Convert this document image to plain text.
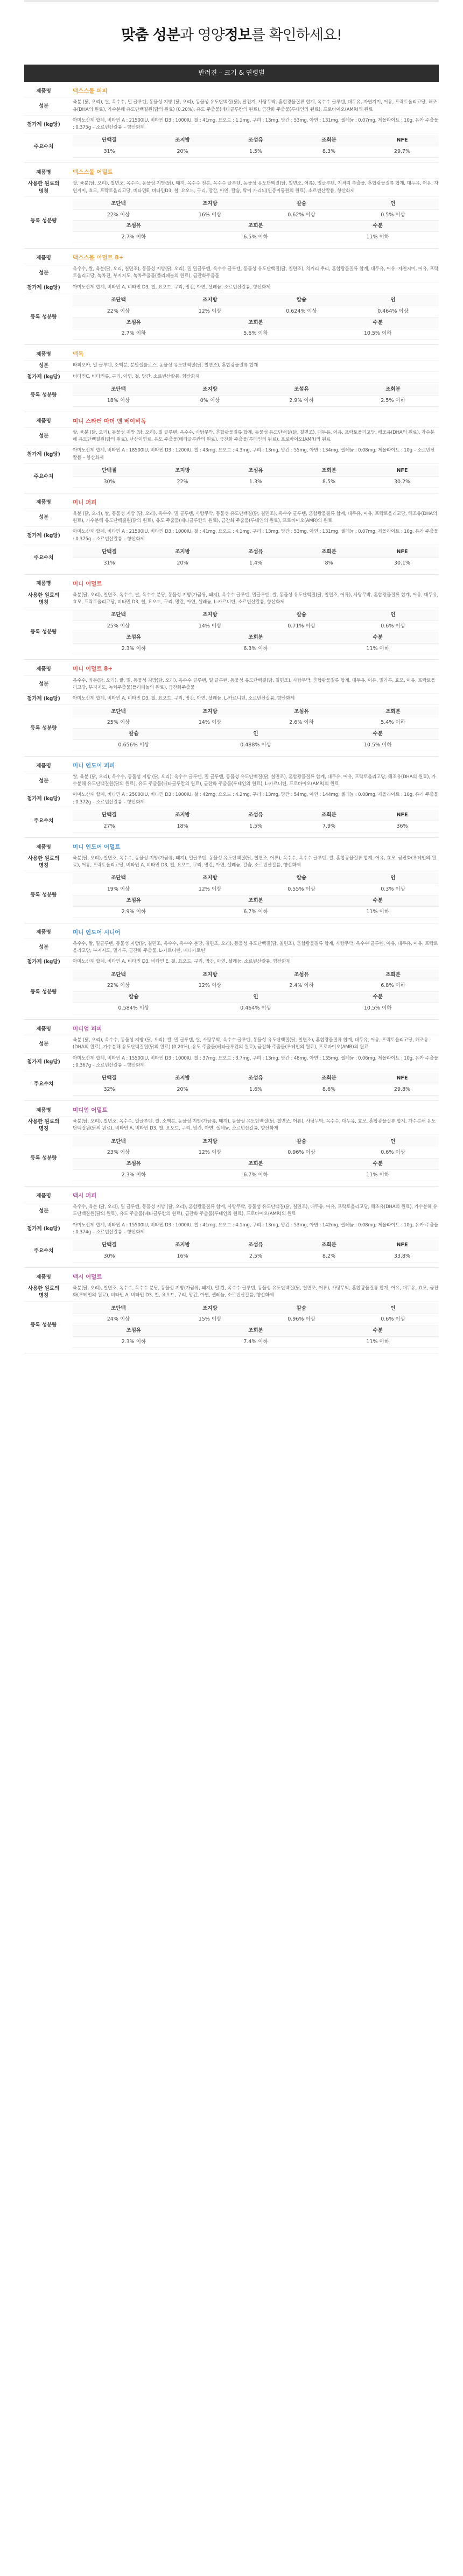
맞춤 성분 과 영양 정보 를 확인하세요!
반려견 – 크기 & 연령별
제품명	맥스스몰 퍼피

성분	
육분 (닭, 오리), 쌀, 옥수수, 밀 글루텐, 동물성 지방 (닭, 오리), 동물성 유도단백질(닭), 탈전지, 사탕무박, 혼합광물질류 합계, 옥수수 글루텐, 대두유, 자연지미, 어유, 프락토올리고당, 해조유(DHA의 원료), 가수분해 유도단백질원(닭의 원료) (0.20%), 유도 주출물(베타글루칸의 원료), 금잔화 주출물(루테인의 원료), 프로바이오(AMR)의 원료

첨가제 (kg당)	
아미노산제 합계, 비타민 A : 21500IU, 비타민 D3 : 1000IU, 철 : 41mg, 요오드 : 1.1mg, 구리 : 13mg, 망간 : 53mg, 아연 : 131mg, 셀레늄 : 0.07mg, 제올라이트 : 10g, 유카 주출물 : 0.375g – 소르빈산칼륨 – 향산화제

주요수치	
단백질	조지방	조섬유	조회분	NFE
31%	20%	1.5%	8.3%	29.7%
제품명	맥스스몰 어덜트

사용한 원료의 명칭	
쌀, 육분(닭, 오리), 칠면조, 옥수수, 동물성 지방(닭), 돼지, 옥수수 전분, 옥수수 글루텐, 동물성 유도단백질(닭, 칠면조, 어류), 밀글루텐, 지적지 추출물, 혼합광물질류 합계, 대두유, 어유, 자연지미, 효모, 프락토올리고당, 비타민E, 비타민D3, 철, 요오드, 구리, 망간, 아연, 칼슘, 탁이 가리되(인증이통원의 원료), 소르빈산칼륨, 향산화제

등록 성분량	
조단백	조지방	칼슘	인
22% 이상	16% 이상	0.62% 이상	0.5% 이상
조섬유	조회분	수분
2.7% 이하	6.5% 이하	11% 이하
제품명	맥스스몰 어덜트 8+

성분	
옥수수, 쌀, 육분(닭, 오리, 칠면조), 동물성 지방(닭, 오리), 밀 밀글루텐, 옥수수 글루텐, 동물성 유도단백질(닭, 칠면조), 치커리 뿌리, 혼합광물질류 합계, 대두유, 어유, 자연지미, 어유, 프락토올리고당, 녹차진, 부지지도, 녹차주출물(폴리페놀의 원료), 금잔화주출물

첨가제 (kg당)	아미노산제 합계, 비타민 A, 비타민 D3, 철, 요오드, 구리, 망간, 아연, 셀레늄, 소르빈산칼륨, 향산화제

등록 성분량	
조단백	조지방	칼슘	인
22% 이상	12% 이상	0.624% 이상	0.464% 이상
조섬유	조회분	수분
2.7% 이하	5.6% 이하	10.5% 이하
제품명	맥독

성분	타피오카, 밀 글루텐, 소맥분, 분말셀룰로스, 동물성 유도단백질(닭, 칠면조), 혼합광물질류 합계

첨가제 (kg당)	비타민C, 비타민류, 구리, 아연, 철, 망간, 소르빈산칼륨, 향산화제

등록 성분량	
조단백	조지방	조섬유	조회분
18% 이상	0% 이상	2.9% 이하	2.5% 이하
제품명	미니 스타터 마더 앤 베이비독

성분	
쌀, 육분 (닭, 오리), 동물성 지방 (닭, 오리), 밀 글루텐, 옥수수, 사탕무박, 혼합광물질류 합계, 동물성 유도단백질(닭, 칠면조), 대두유, 어유, 프락토올리고당, 해조유(DHA의 원료), 가수분해 유도단백질원(닭의 원료), 난산이연료, 유도 주출물(베타글루칸의 원료), 금잔화 주출물(루테인의 원료), 프로바이오(AMR)의 원료

첨가제 (kg당)	
아미노산제 합계, 비타민 A : 18500IU, 비타민 D3 : 1200IU, 철 : 43mg, 요오드 : 4.3mg, 구리 : 13mg, 망간 : 55mg, 아연 : 134mg, 셀레늄 : 0.08mg, 제올라이트 : 10g – 소르빈산칼륨 – 향산화제

주요수치	
단백질	조지방	조섬유	조회분	NFE
30%	22%	1.3%	8.5%	30.2%
제품명	미니 퍼피

성분	
육분 (닭, 오리), 쌀, 동물성 지방 (닭, 오리), 옥수수, 밀 글루텐, 사탕무박, 동물성 유도단백질(닭, 칠면조), 옥수수 글루텐, 혼합광물질류 합계, 대두유, 어유, 프락토올리고당, 해조유(DHA의 원료), 가수분해 유도단백질원(닭의 원료), 유도 주출물(베타글루칸의 원료), 금잔화 주출물(루테인의 원료), 프로바이오(AMR)의 원료

첨가제 (kg당)	
아미노산제 합계, 비타민 A : 21500IU, 비타민 D3 : 1000IU, 철 : 41mg, 요오드 : 4.1mg, 구리 : 13mg, 망간 : 53mg, 아연 : 131mg, 셀레늄 : 0.07mg, 제올라이트 : 10g, 유카 주출물 : 0.375g – 소르빈산칼륨 – 향산화제

주요수치	
단백질	조지방	조섬유	조회분	NFE
31%	20%	1.4%	8%	30.1%
제품명	미니 어덜트

사용한 원료의 명칭	
육분(닭, 오리), 칠면조, 옥수수, 쌀, 옥수수 분당, 동물성 지방(가금류, 돼지), 옥수수 글루텐, 밀글루텐, 쌀, 동물성 유도단백질(닭, 칠면조, 어류), 사탕무박, 혼합광물질류 합계, 어유, 대두유, 효모, 프락토올리고당, 비타민 D3, 철, 요오드, 구리, 망간, 아연, 셀레늄, L-카르니틴, 소르빈산칼륨, 향산화제

등록 성분량	
조단백	조지방	칼슘	인
25% 이상	14% 이상	0.71% 이상	0.6% 이상
조섬유	조회분	수분
2.3% 이하	6.3% 이하	11% 이하
제품명	미니 어덜트 8+

성분	
옥수수, 육분(닭, 오리), 쌀, 밀, 동물성 지방(닭, 오리), 옥수수 글루텐, 밀 글루텐, 동물성 유도단백질(닭, 칠면조), 사탕무박, 혼합광물질류 합계, 대두유, 어유, 밀가루, 효모, 어유, 프락토올리고당, 부지지도, 녹차주출물(폴리페놀의 원료), 금잔화주출물

첨가제 (kg당)	아미노산제 합계, 비타민 A, 비타민 D3, 철, 요오드, 구리, 망간, 아연, 셀레늄, L-카르니틴, 소르빈산칼륨, 향산화제

등록 성분량	
조단백	조지방	조섬유	조회분
25% 이상	14% 이상	2.6% 이하	5.4% 이하
칼슘	인	수분
0.656% 이상	0.488% 이상	10.5% 이하
제품명	미니 인도어 퍼피

성분	
쌀, 육분 (닭, 오리), 옥수수, 동물성 지방 (닭, 오리), 옥수수 글루텐, 밀 글루텐, 동물성 유도단백질(닭, 칠면조), 혼합광물질류 합계, 대두유, 어유, 프락토올리고당, 해조유(DHA의 원료), 가수분해 유도단백질원(닭의 원료), 유도 주출물(베타글루칸의 원료), 금잔화 주출물(루테인의 원료), L-카르니틴, 프로바이오(AMR)의 원료

첨가제 (kg당)	
아미노산제 합계, 비타민 A : 25000IU, 비타민 D3 : 1000IU, 철 : 42mg, 요오드 : 4.2mg, 구리 : 13mg, 망간 : 54mg, 아연 : 144mg, 셀레늄 : 0.08mg, 제올라이트 : 10g, 유카 주출물 : 0.372g – 소르빈산칼륨 – 향산화제

주요수치	
단백질	조지방	조섬유	조회분	NFE
27%	18%	1.5%	7.9%	36%
제품명	미니 인도어 어덜트

사용한 원료의 명칭	
육분(닭, 오리), 칠면조, 옥수수, 동물성 지방(가금류, 돼지), 밀글루텐, 동물성 유도단백질(닭, 칠면조, 어류), 옥수수, 옥수수 글루텐, 쌀, 혼합광물질류 합계, 어유, 효모, 금잔화(루테인의 원료), 어유, 프락토올리고당, 비타민 A, 비타민 D3, 철, 요오드, 구리, 망간, 아연, 셀레늄, 칼슘, 소르빈산칼륨, 향산화제

등록 성분량	
조단백	조지방	칼슘	인
19% 이상	12% 이상	0.55% 이상	0.3% 이상
조섬유	조회분	수분
2.9% 이하	6.7% 이하	11% 이하
제품명	미니 인도어 시니어

성분	
옥수수, 쌀, 밀글루텐, 동물성 지방(닭, 칠면조, 옥수수, 옥수수 분당, 칠면조, 오리), 동물성 유도단백질(닭, 칠면조), 혼합광물질류 합계, 사탕무박, 옥수수 글루텐, 어유, 대두유, 어유, 프락토올리고당, 부지지도, 밀가루, 금잔화 주출물, L-카르니틴, 베타카로틴

첨가제 (kg당)	아미노산제 합계, 비타민 A, 비타민 D3, 비타민 E, 철, 요오드, 구리, 망간, 아연, 셀레늄, 소르빈산칼륨, 향산화제

등록 성분량	
조단백	조지방	조섬유	조회분
22% 이상	12% 이상	2.4% 이하	6.8% 이하
칼슘	인	수분
0.584% 이상	0.464% 이상	10.5% 이하
제품명	미디엄 퍼피

성분	
육분 (닭, 오리), 옥수수, 동물성 지방 (닭, 오리), 쌀, 밀 글루텐, 쌀, 사탕무박, 옥수수 글루텐, 동물성 유도단백질(닭, 칠면조), 혼합광물질류 합계, 대두유, 어유, 프락토올리고당, 해조유(DHA의 원료), 가수분해 유도단백질원(닭의 원료) (0.20%), 유도 주출물(베타글루칸의 원료), 금잔화 주출물(루테인의 원료), 프로바이오(AMR)의 원료

첨가제 (kg당)	
아미노산제 합계, 비타민 A : 15500IU, 비타민 D3 : 1000IU, 철 : 37mg, 요오드 : 3.7mg, 구리 : 13mg, 망간 : 48mg, 아연 : 135mg, 셀레늄 : 0.06mg, 제올라이트 : 10g, 유카 주출물 : 0.367g – 소르빈산칼륨 – 향산화제

주요수치	
단백질	조지방	조섬유	조회분	NFE
32%	20%	1.6%	8.6%	29.8%
제품명	미디엄 어덜트

사용한 원료의 명칭	
육분(닭, 오리), 칠면조, 옥수수, 밀글루텐, 쌀, 소맥분, 동물성 지방(가금류, 돼지), 동물성 유도단백질(닭, 칠면조, 어류), 사탕무박, 옥수수, 대두유, 효모, 혼합광물질류 합계, 가수분해 유도단백질원(닭의 원료), 비타민 A, 비타민 D3, 철, 요오드, 구리, 망간, 아연, 셀레늄, 소르빈산칼륨, 향산화제

등록 성분량	
조단백	조지방	칼슘	인
23% 이상	12% 이상	0.96% 이상	0.6% 이상
조섬유	조회분	수분
2.3% 이하	6.7% 이하	11% 이하
제품명	맥시 퍼피

성분	
옥수수, 육분 (닭, 오리), 밀 글루텐, 동물성 지방 (닭, 오리), 혼합광물질류 합계, 사탕무박, 동물성 유도단백질(닭, 칠면조), 대두유, 어유, 프락토올리고당, 해조유(DHA의 원료), 가수분해 유도단백질원(닭의 원료), 유도 주출물(베타글루칸의 원료), 금잔화 주출물(루테인의 원료), 프로바이오(AMR)의 원료

첨가제 (kg당)	
아미노산제 합계, 비타민 A : 15500IU, 비타민 D3 : 1000IU, 철 : 41mg, 요오드 : 4.1mg, 구리 : 13mg, 망간 : 53mg, 아연 : 142mg, 셀레늄 : 0.08mg, 제올라이트 : 10g, 유카 주출물 : 0.374g – 소르빈산칼륨 – 향산화제

주요수치	
단백질	조지방	조섬유	조회분	NFE
30%	16%	2.5%	8.2%	33.8%
제품명	맥시 어덜트

사용한 원료의 명칭	
육분(닭, 오리), 칠면조, 옥수수, 옥수수 분당, 동물성 지방(가금류, 돼지), 밀 쌀, 옥수수 글루텐, 동물성 유도단백질(닭, 칠면조, 어류), 사탕무박, 혼합광물질류 합계, 어유, 대두유, 효모, 금잔화(루테인의 원료), 비타민 A, 비타민 D3, 철, 요오드, 구리, 망간, 아연, 셀레늄, 소르빈산칼륨, 향산화제

등록 성분량	
조단백	조지방	칼슘	인
24% 이상	15% 이상	0.96% 이상	0.6% 이상
조섬유	조회분	수분
2.3% 이하	7.4% 이하	11% 이하
